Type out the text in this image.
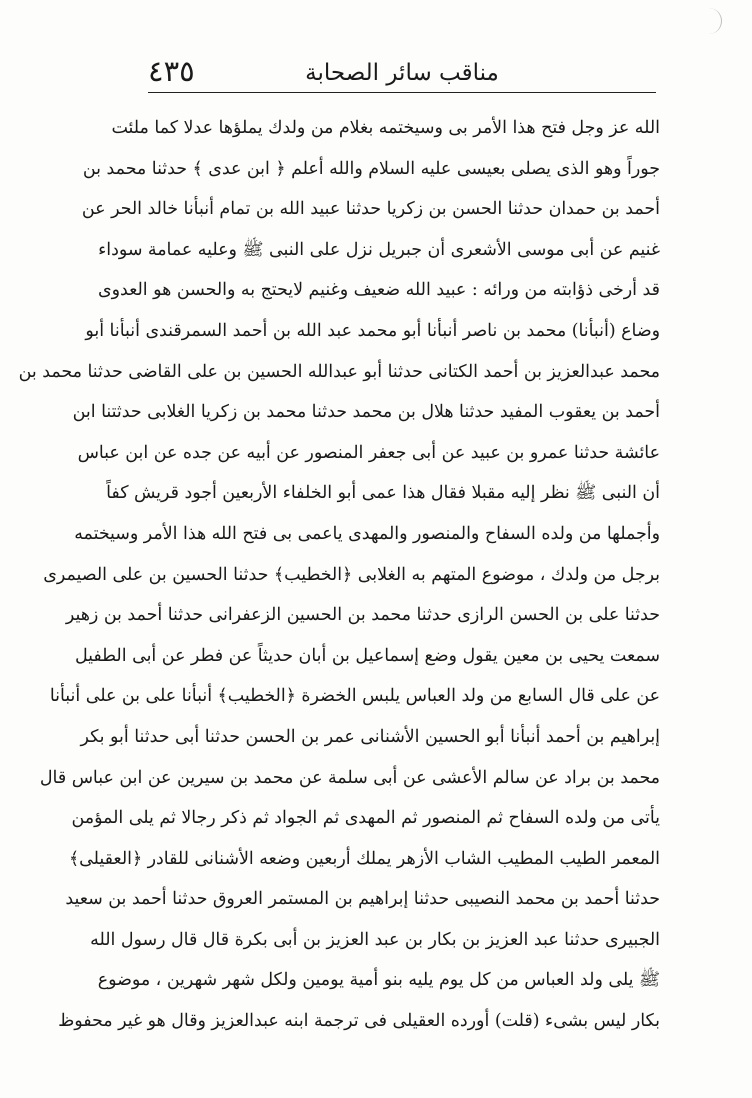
مناقب سائر الصحابة
٤٣٥
الله عز وجل فتح هذا الأمر بى وسيختمه بغلام من ولدك يملؤها عدلا كما ملئت
جوراً وهو الذى يصلى بعيسى عليه السلام والله أعلم ﴿ ابن عدى ﴾ حدثنا محمد بن
أحمد بن حمدان حدثنا الحسن بن زكريا حدثنا عبيد الله بن تمام أنبأنا خالد الحر عن
غنيم عن أبى موسى الأشعرى أن جبريل نزل على النبى ﷺ وعليه عمامة سوداء
قد أرخى ذؤابته من ورائه : عبيد الله ضعيف وغنيم لايحتج به والحسن هو العدوى
وضاع (أنبأنا) محمد بن ناصر أنبأنا أبو محمد عبد الله بن أحمد السمرقندى أنبأنا أبو
محمد عبدالعزيز بن أحمد الكتانى حدثنا أبو عبدالله الحسين بن على القاضى حدثنا محمد بن
أحمد بن يعقوب المفيد حدثنا هلال بن محمد حدثنا محمد بن زكريا الغلابى حدثتنا ابن
عائشة حدثنا عمرو بن عبيد عن أبى جعفر المنصور عن أبيه عن جده عن ابن عباس
أن النبى ﷺ نظر إليه مقبلا فقال هذا عمى أبو الخلفاء الأربعين أجود قريش كفاً
وأجملها من ولده السفاح والمنصور والمهدى ياعمى بى فتح الله هذا الأمر وسيختمه
برجل من ولدك ، موضوع المتهم به الغلابى ﴿الخطيب﴾ حدثنا الحسين بن على الصيمرى
حدثنا على بن الحسن الرازى حدثنا محمد بن الحسين الزعفرانى حدثنا أحمد بن زهير
سمعت يحيى بن معين يقول وضع إسماعيل بن أبان حديثاً عن فطر عن أبى الطفيل
عن على قال السابع من ولد العباس يلبس الخضرة ﴿الخطيب﴾ أنبأنا على بن على أنبأنا
إبراهيم بن أحمد أنبأنا أبو الحسين الأشنانى عمر بن الحسن حدثنا أبى حدثنا أبو بكر
محمد بن براد عن سالم الأعشى عن أبى سلمة عن محمد بن سيرين عن ابن عباس قال
يأتى من ولده السفاح ثم المنصور ثم المهدى ثم الجواد ثم ذكر رجالا ثم يلى المؤمن
المعمر الطيب المطيب الشاب الأزهر يملك أربعين وضعه الأشنانى للقادر ﴿العقيلى﴾
حدثنا أحمد بن محمد النصيبى حدثنا إبراهيم بن المستمر العروق حدثنا أحمد بن سعيد
الجبيرى حدثنا عبد العزيز بن بكار بن عبد العزيز بن أبى بكرة قال قال رسول الله
ﷺ يلى ولد العباس من كل يوم يليه بنو أمية يومين ولكل شهر شهرين ، موضوع
بكار ليس بشىء (قلت) أورده العقيلى فى ترجمة ابنه عبدالعزيز وقال هو غير محفوظ
